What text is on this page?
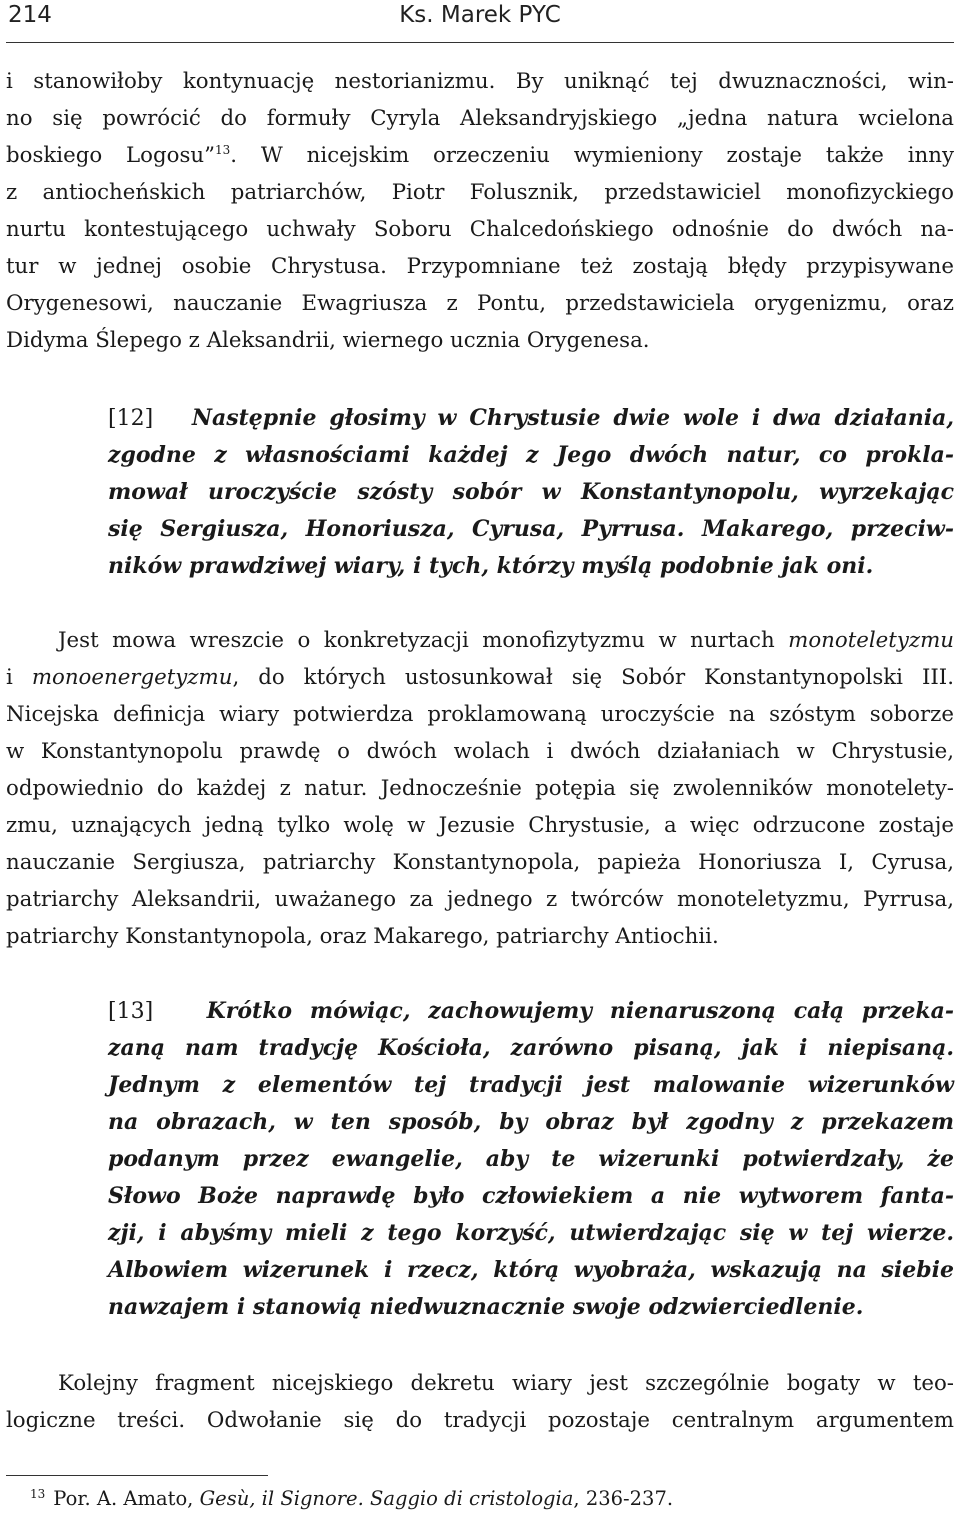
214	Ks. Marek PYC
i stanowiłoby kontynuację nestorianizmu. By uniknąć tej dwuznaczności, win-
no się powrócić do formuły Cyryla Aleksandryjskiego „jedna natura wcielona
boskiego Logosu”$^{13}$. W nicejskim orzeczeniu wymieniony zostaje także inny
z antiocheńskich patriarchów, Piotr Folusznik, przedstawiciel monofizyckiego
nurtu kontestującego uchwały Soboru Chalcedońskiego odnośnie do dwóch na-
tur w jednej osobie Chrystusa. Przypomniane też zostają błędy przypisywane
Orygenesowi, nauczanie Ewagriusza z Pontu, przedstawiciela orygenizmu, oraz
Didyma Ślepego z Aleksandrii, wiernego ucznia Orygenesa.
[12] Następnie głosimy w Chrystusie dwie wole i dwa działania,
zgodne z własnościami każdej z Jego dwóch natur, co prokla-
mował uroczyście szósty sobór w Konstantynopolu, wyrzekając
się Sergiusza, Honoriusza, Cyrusa, Pyrrusa. Makarego, przeciw-
ników prawdziwej wiary, i tych, którzy myślą podobnie jak oni.
Jest mowa wreszcie o konkretyzacji monofizytyzmu w nurtach monoteletyzmu
i monoenergetyzmu, do których ustosunkował się Sobór Konstantynopolski III.
Nicejska definicja wiary potwierdza proklamowaną uroczyście na szóstym soborze
w Konstantynopolu prawdę o dwóch wolach i dwóch działaniach w Chrystusie,
odpowiednio do każdej z natur. Jednocześnie potępia się zwolenników monotelety-
zmu, uznających jedną tylko wolę w Jezusie Chrystusie, a więc odrzucone zostaje
nauczanie Sergiusza, patriarchy Konstantynopola, papieża Honoriusza I, Cyrusa,
patriarchy Aleksandrii, uważanego za jednego z twórców monoteletyzmu, Pyrrusa,
patriarchy Konstantynopola, oraz Makarego, patriarchy Antiochii.
[13] Krótko mówiąc, zachowujemy nienaruszoną całą przeka-
zaną nam tradycję Kościoła, zarówno pisaną, jak i niepisaną.
Jednym z elementów tej tradycji jest malowanie wizerunków
na obrazach, w ten sposób, by obraz był zgodny z przekazem
podanym przez ewangelie, aby te wizerunki potwierdzały, że
Słowo Boże naprawdę było człowiekiem a nie wytworem fanta-
zji, i abyśmy mieli z tego korzyść, utwierdzając się w tej wierze.
Albowiem wizerunek i rzecz, którą wyobraża, wskazują na siebie
nawzajem i stanowią niedwuznacznie swoje odzwierciedlenie.
Kolejny fragment nicejskiego dekretu wiary jest szczególnie bogaty w teo-
logiczne treści. Odwołanie się do tradycji pozostaje centralnym argumentem
$^{13}$ Por. A. Amato, Gesù, il Signore. Saggio di cristologia, 236-237.
